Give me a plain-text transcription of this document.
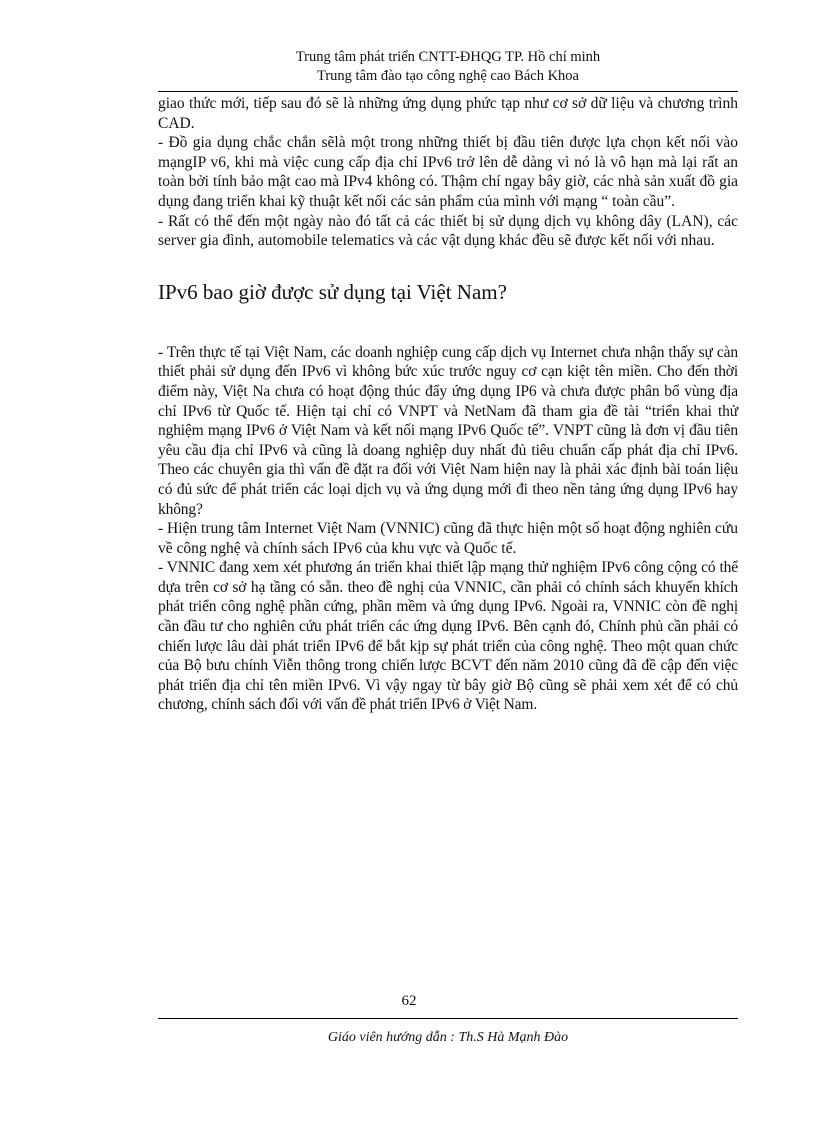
Trung tâm phát triển CNTT-ĐHQG TP. Hồ chí minh
Trung tâm đào tạo công nghệ cao Bách Khoa

giao thức mới, tiếp sau đó sẽ là những ứng dụng phức tạp như cơ sở dữ liệu và chương trình CAD.

- Đồ gia dụng chắc chắn sẽlà một trong những thiết bị đầu tiên được lựa chọn kết nối vào mạngIP v6, khi mà việc cung cấp địa chỉ IPv6 trở lên dễ dàng vì nó là vô hạn mà lại rất an toàn bởi tính bảo mật cao mà IPv4 không có. Thậm chí ngay bây giờ, các nhà sản xuất đồ gia dụng đang triển khai kỹ thuật kết nối các sản phẩm của mình với mạng “ toàn cầu”.

- Rất có thể đến một ngày nào đó tất cả các thiết bị sử dụng dịch vụ không dây (LAN), các server gia đình, automobile telematics và các vật dụng khác đều sẽ được kết nối với nhau.

IPv6 bao giờ được sử dụng tại Việt Nam?

- Trên thực tế tại Việt Nam, các doanh nghiệp cung cấp dịch vụ Internet chưa nhận thấy sự càn thiết phải sử dụng đến IPv6 vì không bức xúc trước nguy cơ cạn kiệt tên miền. Cho đến thời điểm này, Việt Na chưa có hoạt động thúc đẩy ứng dụng IP6 và chưa được phân bổ vùng địa chỉ IPv6 từ Quốc tế. Hiện tại chỉ có VNPT và NetNam đã tham gia đề tài “triển khai thử nghiệm mạng IPv6 ở Việt Nam và kết nối mạng IPv6 Quốc tế”. VNPT cũng là đơn vị đầu tiên yêu cầu địa chỉ IPv6 và cũng là doang nghiệp duy nhất đủ tiêu chuẩn cấp phát địa chỉ IPv6. Theo các chuyên gia thì vấn đề đặt ra đối với Việt Nam hiện nay là phải xác định bài toán liệu có đủ sức để phát triển các loại dịch vụ và ứng dụng mới đi theo nền tảng ứng dụng IPv6 hay không?

- Hiện trung tâm Internet Việt Nam (VNNIC) cũng đã thực hiện một số hoạt động nghiên cứu về công nghệ và chính sách IPv6 của khu vực và Quốc tế.

- VNNIC đang xem xét phương án triển khai thiết lập mạng thử nghiệm IPv6 công cộng có thể dựa trên cơ sở hạ tầng có sẵn. theo đề nghị của VNNIC, cần phải có chính sách khuyến khích phát triển công nghệ phần cứng, phần mềm và ứng dụng IPv6. Ngoài ra, VNNIC còn đề nghị cần đầu tư cho nghiên cứu phát triển các ứng dụng IPv6. Bên cạnh đó, Chính phủ cần phải có chiến lược lâu dài phát triển IPv6 để bắt kịp sự phát triển của công nghệ. Theo một quan chức của Bộ bưu chính Viễn thông trong chiến lược BCVT đến năm 2010 cũng đã đề cập đến việc phát triển địa chỉ tên miền IPv6. Vì vậy ngay từ bây giờ Bộ cũng sẽ phải xem xét để có chủ chương, chính sách đối với vấn đề phát triển IPv6 ở Việt Nam.

62
Giáo viên hướng dẫn : Th.S Hà Mạnh Đào
